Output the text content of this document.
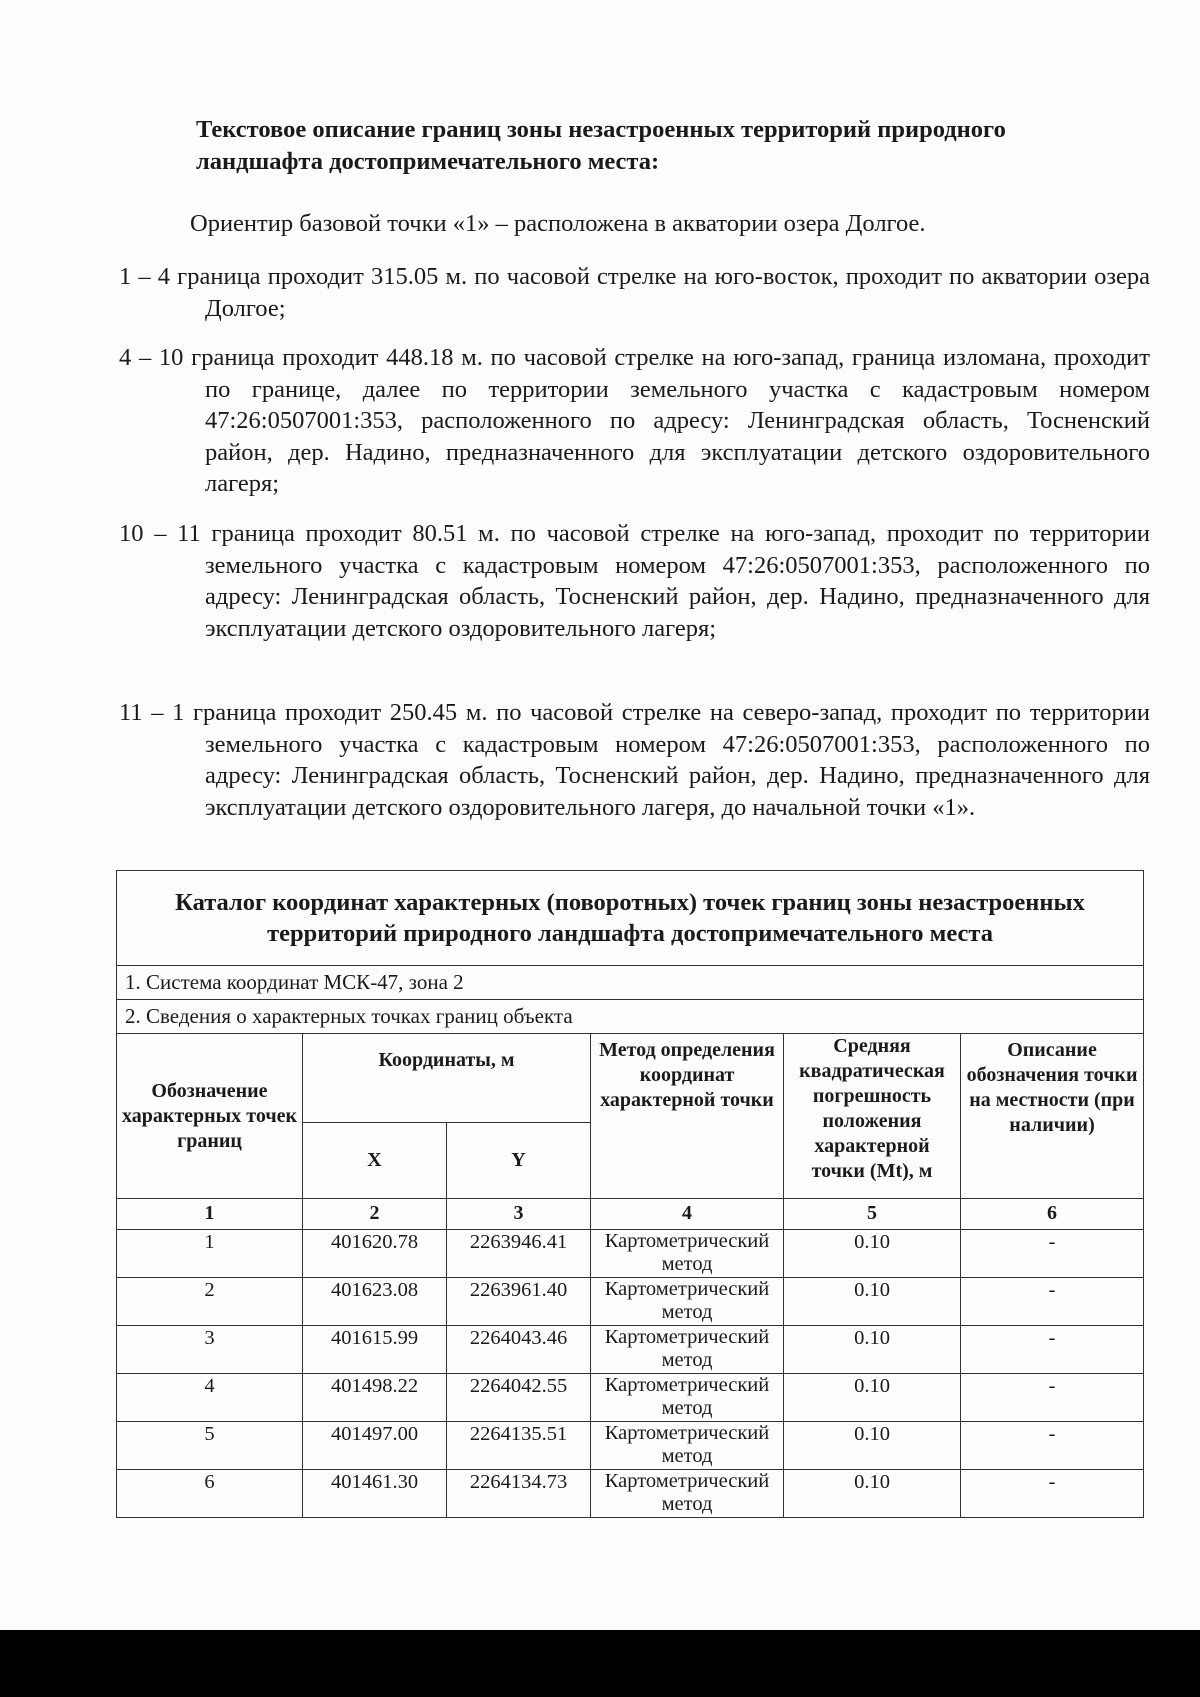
Текстовое описание границ зоны незастроенных территорий природного ландшафта достопримечательного места:
Ориентир базовой точки «1» – расположена в акватории озера Долгое.

1 – 4 граница проходит 315.05 м. по часовой стрелке на юго-восток, проходит по акватории озера Долгое;

4 – 10 граница проходит 448.18 м. по часовой стрелке на юго-запад, граница изломана, проходит по границе, далее по территории земельного участка с кадастровым номером 47:26:0507001:353, расположенного по адресу: Ленинградская область, Тосненский район, дер. Надино, предназначенного для эксплуатации детского оздоровительного лагеря;

10 – 11 граница проходит 80.51 м. по часовой стрелке на юго-запад, проходит по территории земельного участка с кадастровым номером 47:26:0507001:353, расположенного по адресу: Ленинградская область, Тосненский район, дер. Надино, предназначенного для эксплуатации детского оздоровительного лагеря;

11 – 1 граница проходит 250.45 м. по часовой стрелке на северо-запад, проходит по территории земельного участка с кадастровым номером 47:26:0507001:353, расположенного по адресу: Ленинградская область, Тосненский район, дер. Надино, предназначенного для эксплуатации детского оздоровительного лагеря, до начальной точки «1».

Каталог координат характерных (поворотных) точек границ зоны незастроенных территорий природного ландшафта достопримечательного места					
1. Система координат МСК-47, зона 2					
2. Сведения о характерных точках границ объекта					
Обозначение характерных точек границ	Координаты, м		Метод определения координат характерной точки	Средняя квадратическая погрешность положения характерной точки (Mt), м	Описание обозначения точки на местности (при наличии)
	X	Y			
1	2	3	4	5	6
1	401620.78	2263946.41	Картометрический метод	0.10	-
2	401623.08	2263961.40	Картометрический метод	0.10	-
3	401615.99	2264043.46	Картометрический метод	0.10	-
4	401498.22	2264042.55	Картометрический метод	0.10	-
5	401497.00	2264135.51	Картометрический метод	0.10	-
6	401461.30	2264134.73	Картометрический метод	0.10	-
